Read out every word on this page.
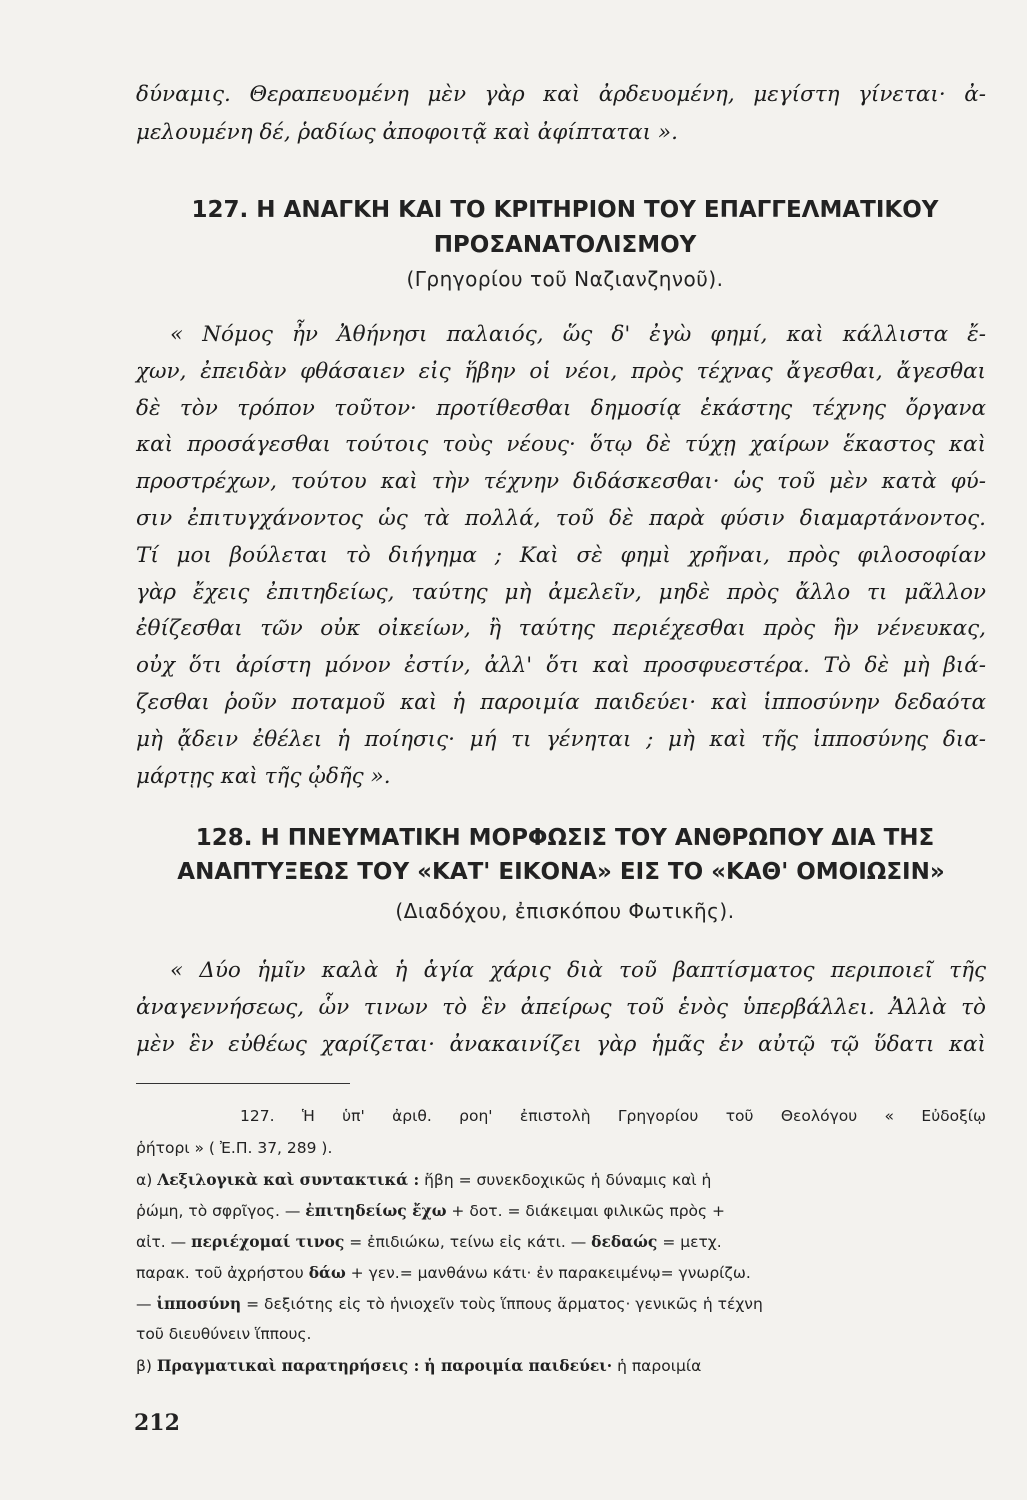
δύναμις. Θεραπευομένη μὲν γὰρ καὶ ἀρδευομένη, μεγίστη γίνεται· ἀ-
μελουμένη δέ, ῥαδίως ἀποφοιτᾷ καὶ ἀφίπταται ».
127. Η ΑΝΑΓΚΗ ΚΑΙ ΤΟ ΚΡΙΤΗΡΙΟΝ ΤΟΥ ΕΠΑΓΓΕΛΜΑΤΙΚΟΥ
ΠΡΟΣΑΝΑΤΟΛΙΣΜΟΥ
(Γρηγορίου τοῦ Ναζιανζηνοῦ).
« Νόμος ἦν Ἀθήνησι παλαιός, ὥς δ' ἐγὼ φημί, καὶ κάλλιστα ἔ-
χων, ἐπειδὰν φθάσαιεν εἰς ἥβην οἱ νέοι, πρὸς τέχνας ἄγεσθαι, ἄγεσθαι
δὲ τὸν τρόπον τοῦτον· προτίθεσθαι δημοσίᾳ ἑκάστης τέχνης ὄργανα
καὶ προσάγεσθαι τούτοις τοὺς νέους· ὅτῳ δὲ τύχῃ χαίρων ἕκαστος καὶ
προστρέχων, τούτου καὶ τὴν τέχνην διδάσκεσθαι· ὡς τοῦ μὲν κατὰ φύ-
σιν ἐπιτυγχάνοντος ὡς τὰ πολλά, τοῦ δὲ παρὰ φύσιν διαμαρτάνοντος.
Τί μοι βούλεται τὸ διήγημα ; Καὶ σὲ φημὶ χρῆναι, πρὸς φιλοσοφίαν
γὰρ ἔχεις ἐπιτηδείως, ταύτης μὴ ἀμελεῖν, μηδὲ πρὸς ἄλλο τι μᾶλλον
ἐθίζεσθαι τῶν οὐκ οἰκείων, ἢ ταύτης περιέχεσθαι πρὸς ἣν νένευκας,
οὐχ ὅτι ἀρίστη μόνον ἐστίν, ἀλλ' ὅτι καὶ προσφυεστέρα. Τὸ δὲ μὴ βιά-
ζεσθαι ῥοῦν ποταμοῦ καὶ ἡ παροιμία παιδεύει· καὶ ἱπποσύνην δεδαότα
μὴ ᾄδειν ἐθέλει ἡ ποίησις· μή τι γένηται ; μὴ καὶ τῆς ἱπποσύνης δια-
μάρτῃς καὶ τῆς ᾠδῆς ».
128. Η ΠΝΕΥΜΑΤΙΚΗ ΜΟΡΦΩΣΙΣ ΤΟΥ ΑΝΘΡΩΠΟΥ ΔΙΑ ΤΗΣ
ΑΝΑΠΤΥΞΕΩΣ ΤΟΥ «ΚΑΤ' ΕΙΚΟΝΑ» ΕΙΣ ΤΟ «ΚΑΘ' ΟΜΟΙΩΣΙΝ»
(Διαδόχου, ἐπισκόπου Φωτικῆς).
« Δύο ἡμῖν καλὰ ἡ ἁγία χάρις διὰ τοῦ βαπτίσματος περιποιεῖ τῆς
ἀναγεννήσεως, ὧν τινων τὸ ἓν ἀπείρως τοῦ ἑνὸς ὑπερβάλλει. Ἀλλὰ τὸ
μὲν ἓν εὐθέως χαρίζεται· ἀνακαινίζει γὰρ ἡμᾶς ἐν αὐτῷ τῷ ὕδατι καὶ
127. Ἡ ὑπ' ἀριθ. ροη' ἐπιστολὴ Γρηγορίου τοῦ Θεολόγου « Εὐδοξίῳ
ῥήτορι » ( Ἐ.Π. 37, 289 ).
α) Λεξιλογικὰ καὶ συντακτικά : ἥβη = συνεκδοχικῶς ἡ δύναμις καὶ ἡ
ῥώμη, τὸ σφρῖγος. — ἐπιτηδείως ἔχω + δοτ. = διάκειμαι φιλικῶς πρὸς +
αἰτ. — περιέχομαί τινος = ἐπιδιώκω, τείνω εἰς κάτι. — δεδαώς = μετχ.
παρακ. τοῦ ἀχρήστου δάω + γεν.= μανθάνω κάτι· ἐν παρακειμένῳ= γνωρίζω.
— ἱπποσύνη = δεξιότης εἰς τὸ ἡνιοχεῖν τοὺς ἵππους ἅρματος· γενικῶς ἡ τέχνη
τοῦ διευθύνειν ἵππους.
β) Πραγματικαὶ παρατηρήσεις : ἡ παροιμία παιδεύει· ἡ παροιμία
212
